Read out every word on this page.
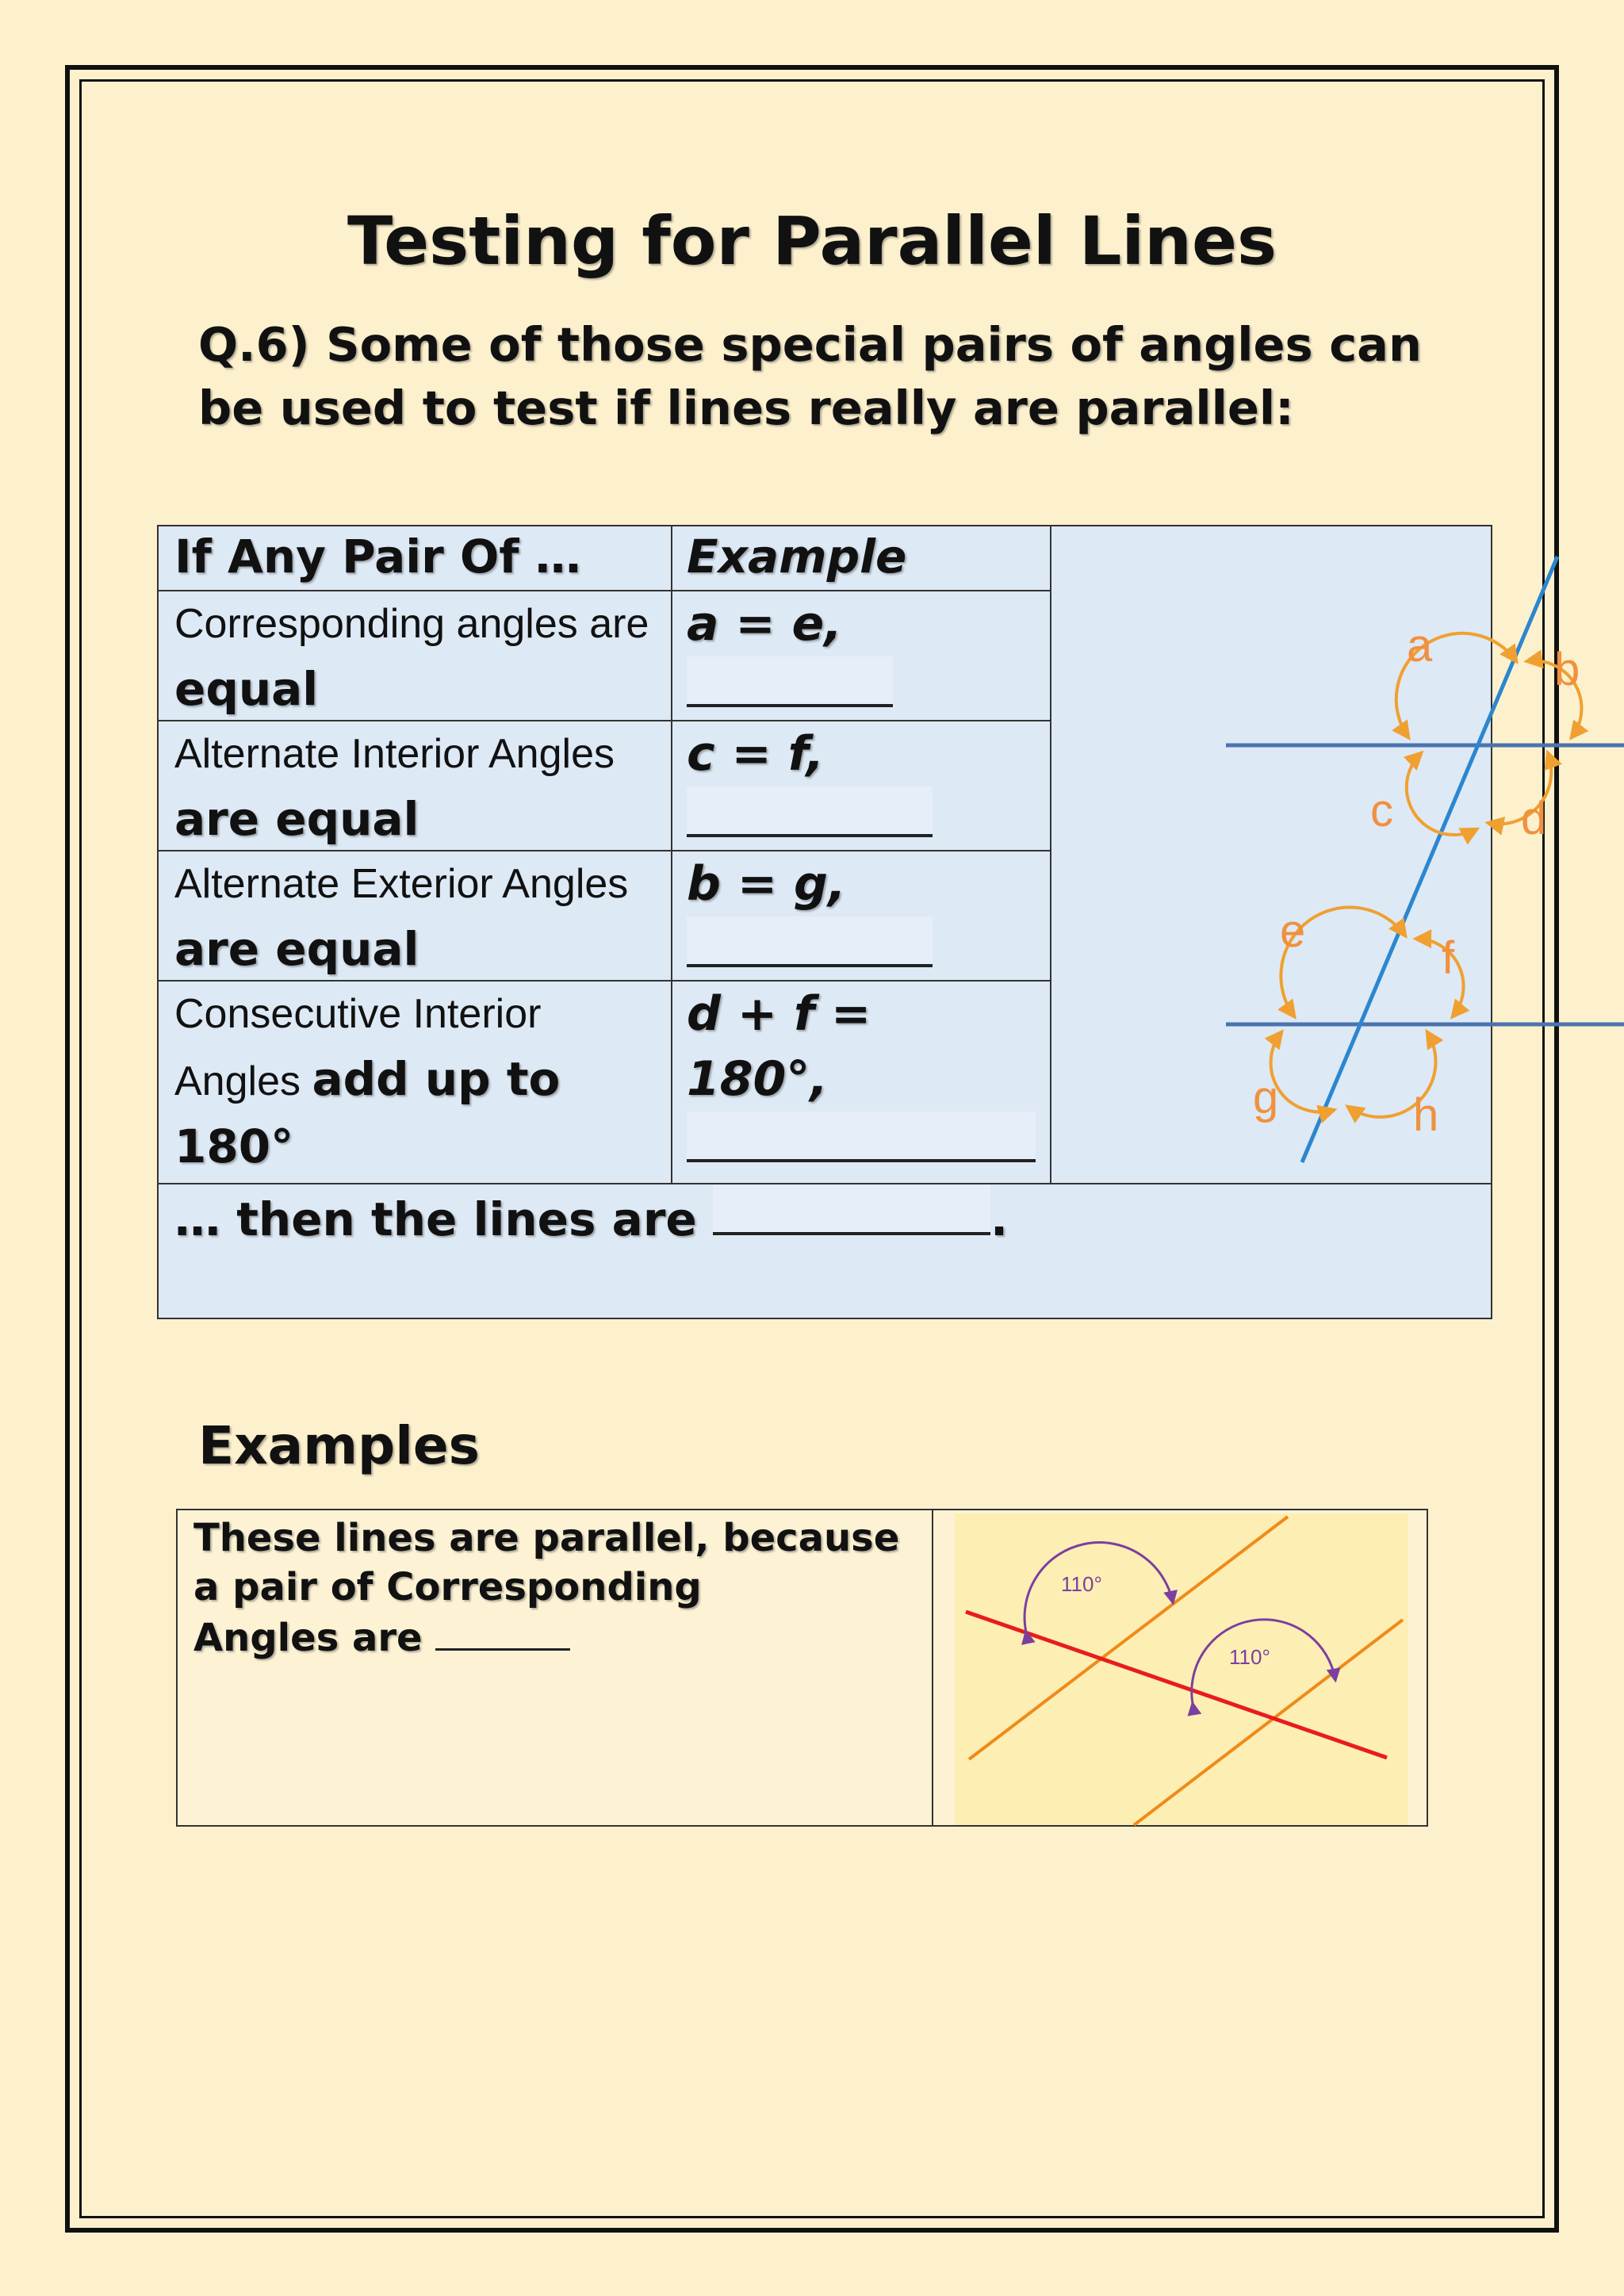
Testing for Parallel Lines

Q.6) Some of those special pairs of angles can be used to test if lines really are parallel:

If Any Pair Of … Example
Corresponding angles are equal
a = e,

Alternate Interior Angles are equal
c = f,

Alternate Exterior Angles are equal
b = g,

Consecutive Interior Angles add up to 180°
d + f = 180°,

… then the lines are	.
a	b
c	d
e
f
g	h
Examples
These lines are parallel, because
a pair of Corresponding
Angles are
110°
110°
